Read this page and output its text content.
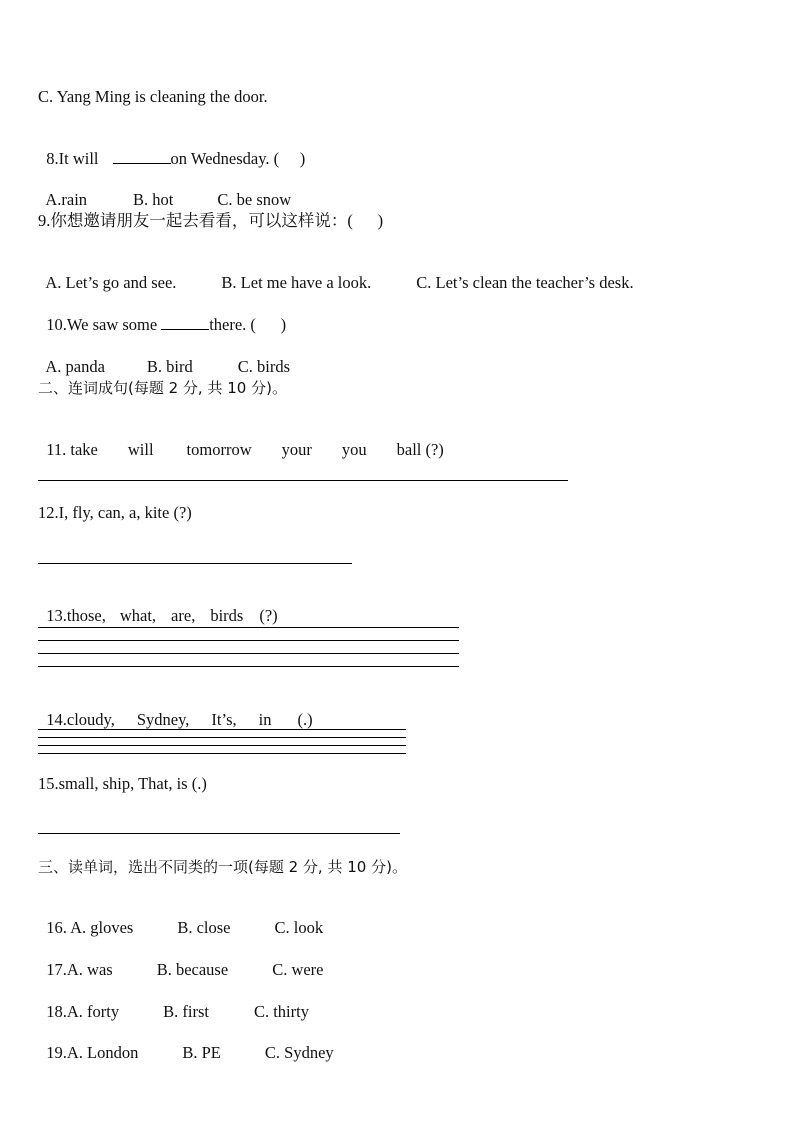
C. Yang Ming is cleaning the door.

8.It will	on Wednesday. (     )

A.rain	B. hot	C. be snow

9.你想邀请朋友一起去看看，可以这样说：(      )

A. Let’s go and see.	B. Let me have a look.	C. Let’s clean the teacher’s desk.

10.We saw some	there. (      )

A. panda	B. bird	C. birds

二、连词成句(每题 2 分, 共 10 分)。

11. take will tomorrow your you ball (?)

12.I, fly, can, a, kite (?)

13.those, what, are, birds (?)

14.cloudy, Sydney, It’s, in (.)

15.small, ship, That, is (.)
三、读单词，选出不同类的一项(每题 2 分, 共 10 分)。

16. A. gloves	B. close	C. look

17.A. was	B. because	C. were

18.A. forty	B. first	C. thirty

19.A. London	B. PE	C. Sydney
